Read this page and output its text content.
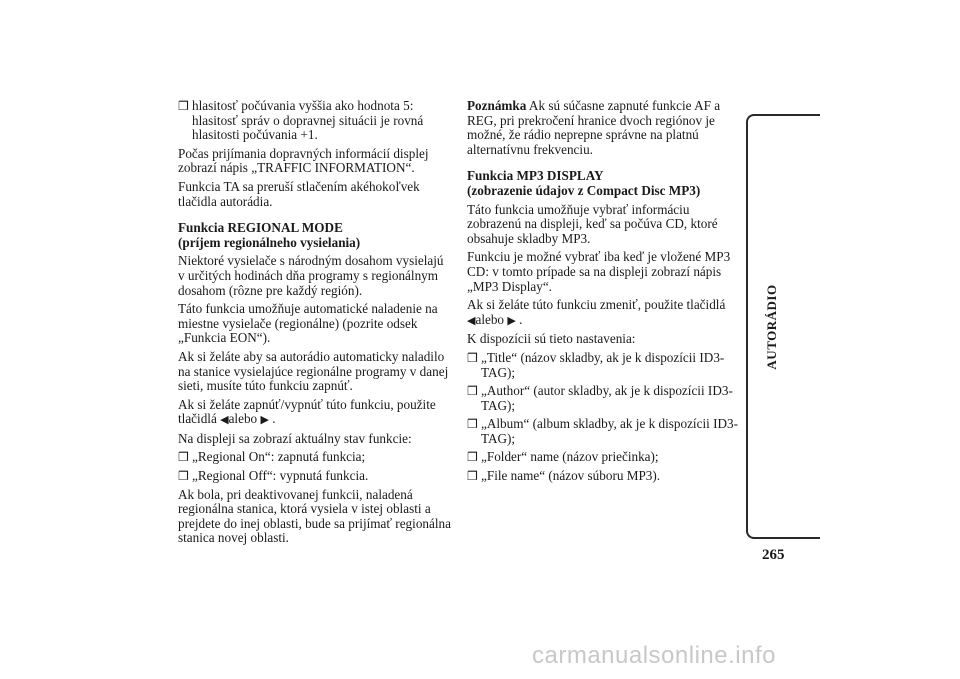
❒ hlasitosť počúvania vyššia ako hodnota 5: hlasitosť správ o dopravnej situácii je rovná hlasitosti počúvania +1.

Počas prijímania dopravných informácií displej zobrazí nápis „TRAFFIC INFORMATION“.

Funkcia TA sa preruší stlačením akéhokoľvek tlačidla autorádia.

Funkcia REGIONAL MODE
(príjem regionálneho vysielania)

Niektoré vysielače s národným dosahom vysielajú v určitých hodinách dňa programy s regionálnym dosahom (rôzne pre každý región).

Táto funkcia umožňuje automatické naladenie na miestne vysielače (regionálne) (pozrite odsek „Funkcia EON“).

Ak si želáte aby sa autorádio automaticky naladilo na stanice vysielajúce regionálne programy v danej sieti, musíte túto funkciu zapnúť.

Ak si želáte zapnúť/vypnúť túto funkciu, použite tlačidlá ◀ alebo ▶ .

Na displeji sa zobrazí aktuálny stav funkcie:

❒ „Regional On“: zapnutá funkcia;

❒ „Regional Off“: vypnutá funkcia.

Ak bola, pri deaktivovanej funkcii, naladená regionálna stanica, ktorá vysiela v istej oblasti a prejdete do inej oblasti, bude sa prijímať regionálna stanica novej oblasti.

Poznámka Ak sú súčasne zapnuté funkcie AF a REG, pri prekročení hranice dvoch regiónov je možné, že rádio neprepne správne na platnú alternatívnu frekvenciu.

Funkcia MP3 DISPLAY
(zobrazenie údajov z Compact Disc MP3)

Táto funkcia umožňuje vybrať informáciu zobrazenú na displeji, keď sa počúva CD, ktoré obsahuje skladby MP3.

Funkciu je možné vybrať iba keď je vložené MP3 CD: v tomto prípade sa na displeji zobrazí nápis „MP3 Display“.

Ak si želáte túto funkciu zmeniť, použite tlačidlá
◀ alebo ▶ .

K dispozícii sú tieto nastavenia:

❒ „Title“ (názov skladby, ak je k dispozícii ID3-TAG);

❒ „Author“ (autor skladby, ak je k dispozícii ID3-TAG);

❒ „Album“ (album skladby, ak je k dispozícii ID3-TAG);

❒ „Folder“ name (názov priečinka);

❒ „File name“ (názov súboru MP3).

AUTORÁDIO
265
carmanualsonline.info
